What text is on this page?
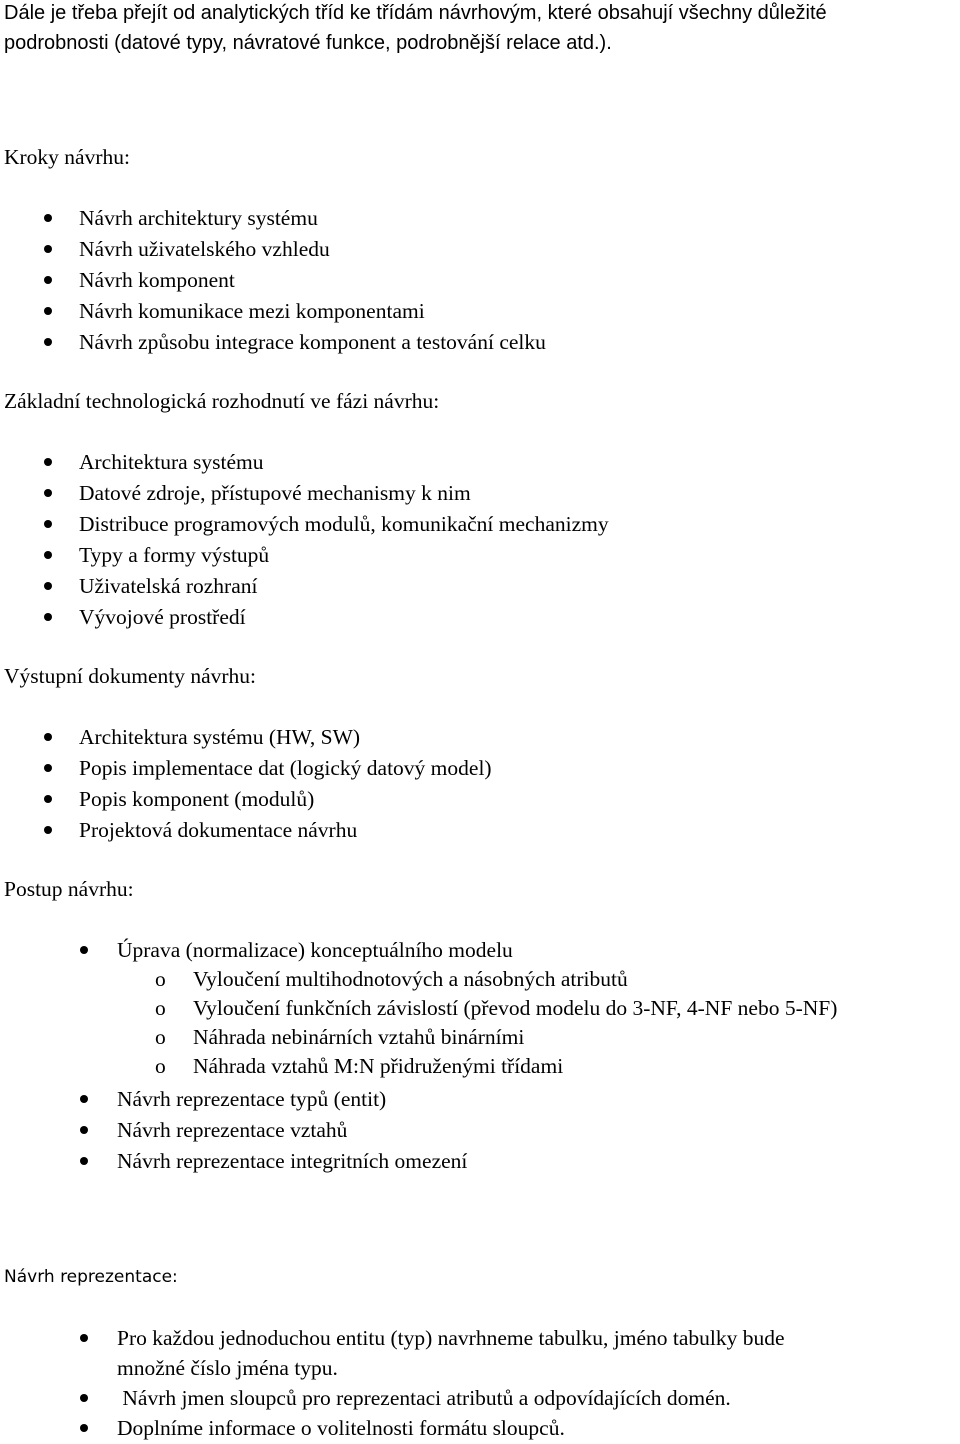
Dále je třeba přejít od analytických tříd ke třídám návrhovým, které obsahují všechny důležité
podrobnosti (datové typy, návratové funkce, podrobnější relace atd.).
Kroky návrhu:
Návrh architektury systému
Návrh uživatelského vzhledu
Návrh komponent
Návrh komunikace mezi komponentami
Návrh způsobu integrace komponent a testování celku
Základní technologická rozhodnutí ve fázi návrhu:
Architektura systému
Datové zdroje, přístupové mechanismy k nim
Distribuce programových modulů, komunikační mechanizmy
Typy a formy výstupů
Uživatelská rozhraní
Vývojové prostředí
Výstupní dokumenty návrhu:
Architektura systému (HW, SW)
Popis implementace dat (logický datový model)
Popis komponent (modulů)
Projektová dokumentace návrhu
Postup návrhu:
Úprava (normalizace) konceptuálního modelu
o Vyloučení multihodnotových a násobných atributů
o Vyloučení funkčních závislostí (převod modelu do 3-NF, 4-NF nebo 5-NF)
o Náhrada nebinárních vztahů binárními
o Náhrada vztahů M:N přidruženými třídami
Návrh reprezentace typů (entit)
Návrh reprezentace vztahů
Návrh reprezentace integritních omezení
Návrh reprezentace:
Pro každou jednoduchou entitu (typ) navrhneme tabulku, jméno tabulky bude
množné číslo jména typu.
Návrh jmen sloupců pro reprezentaci atributů a odpovídajících domén.
Doplníme informace o volitelnosti formátu sloupců.
